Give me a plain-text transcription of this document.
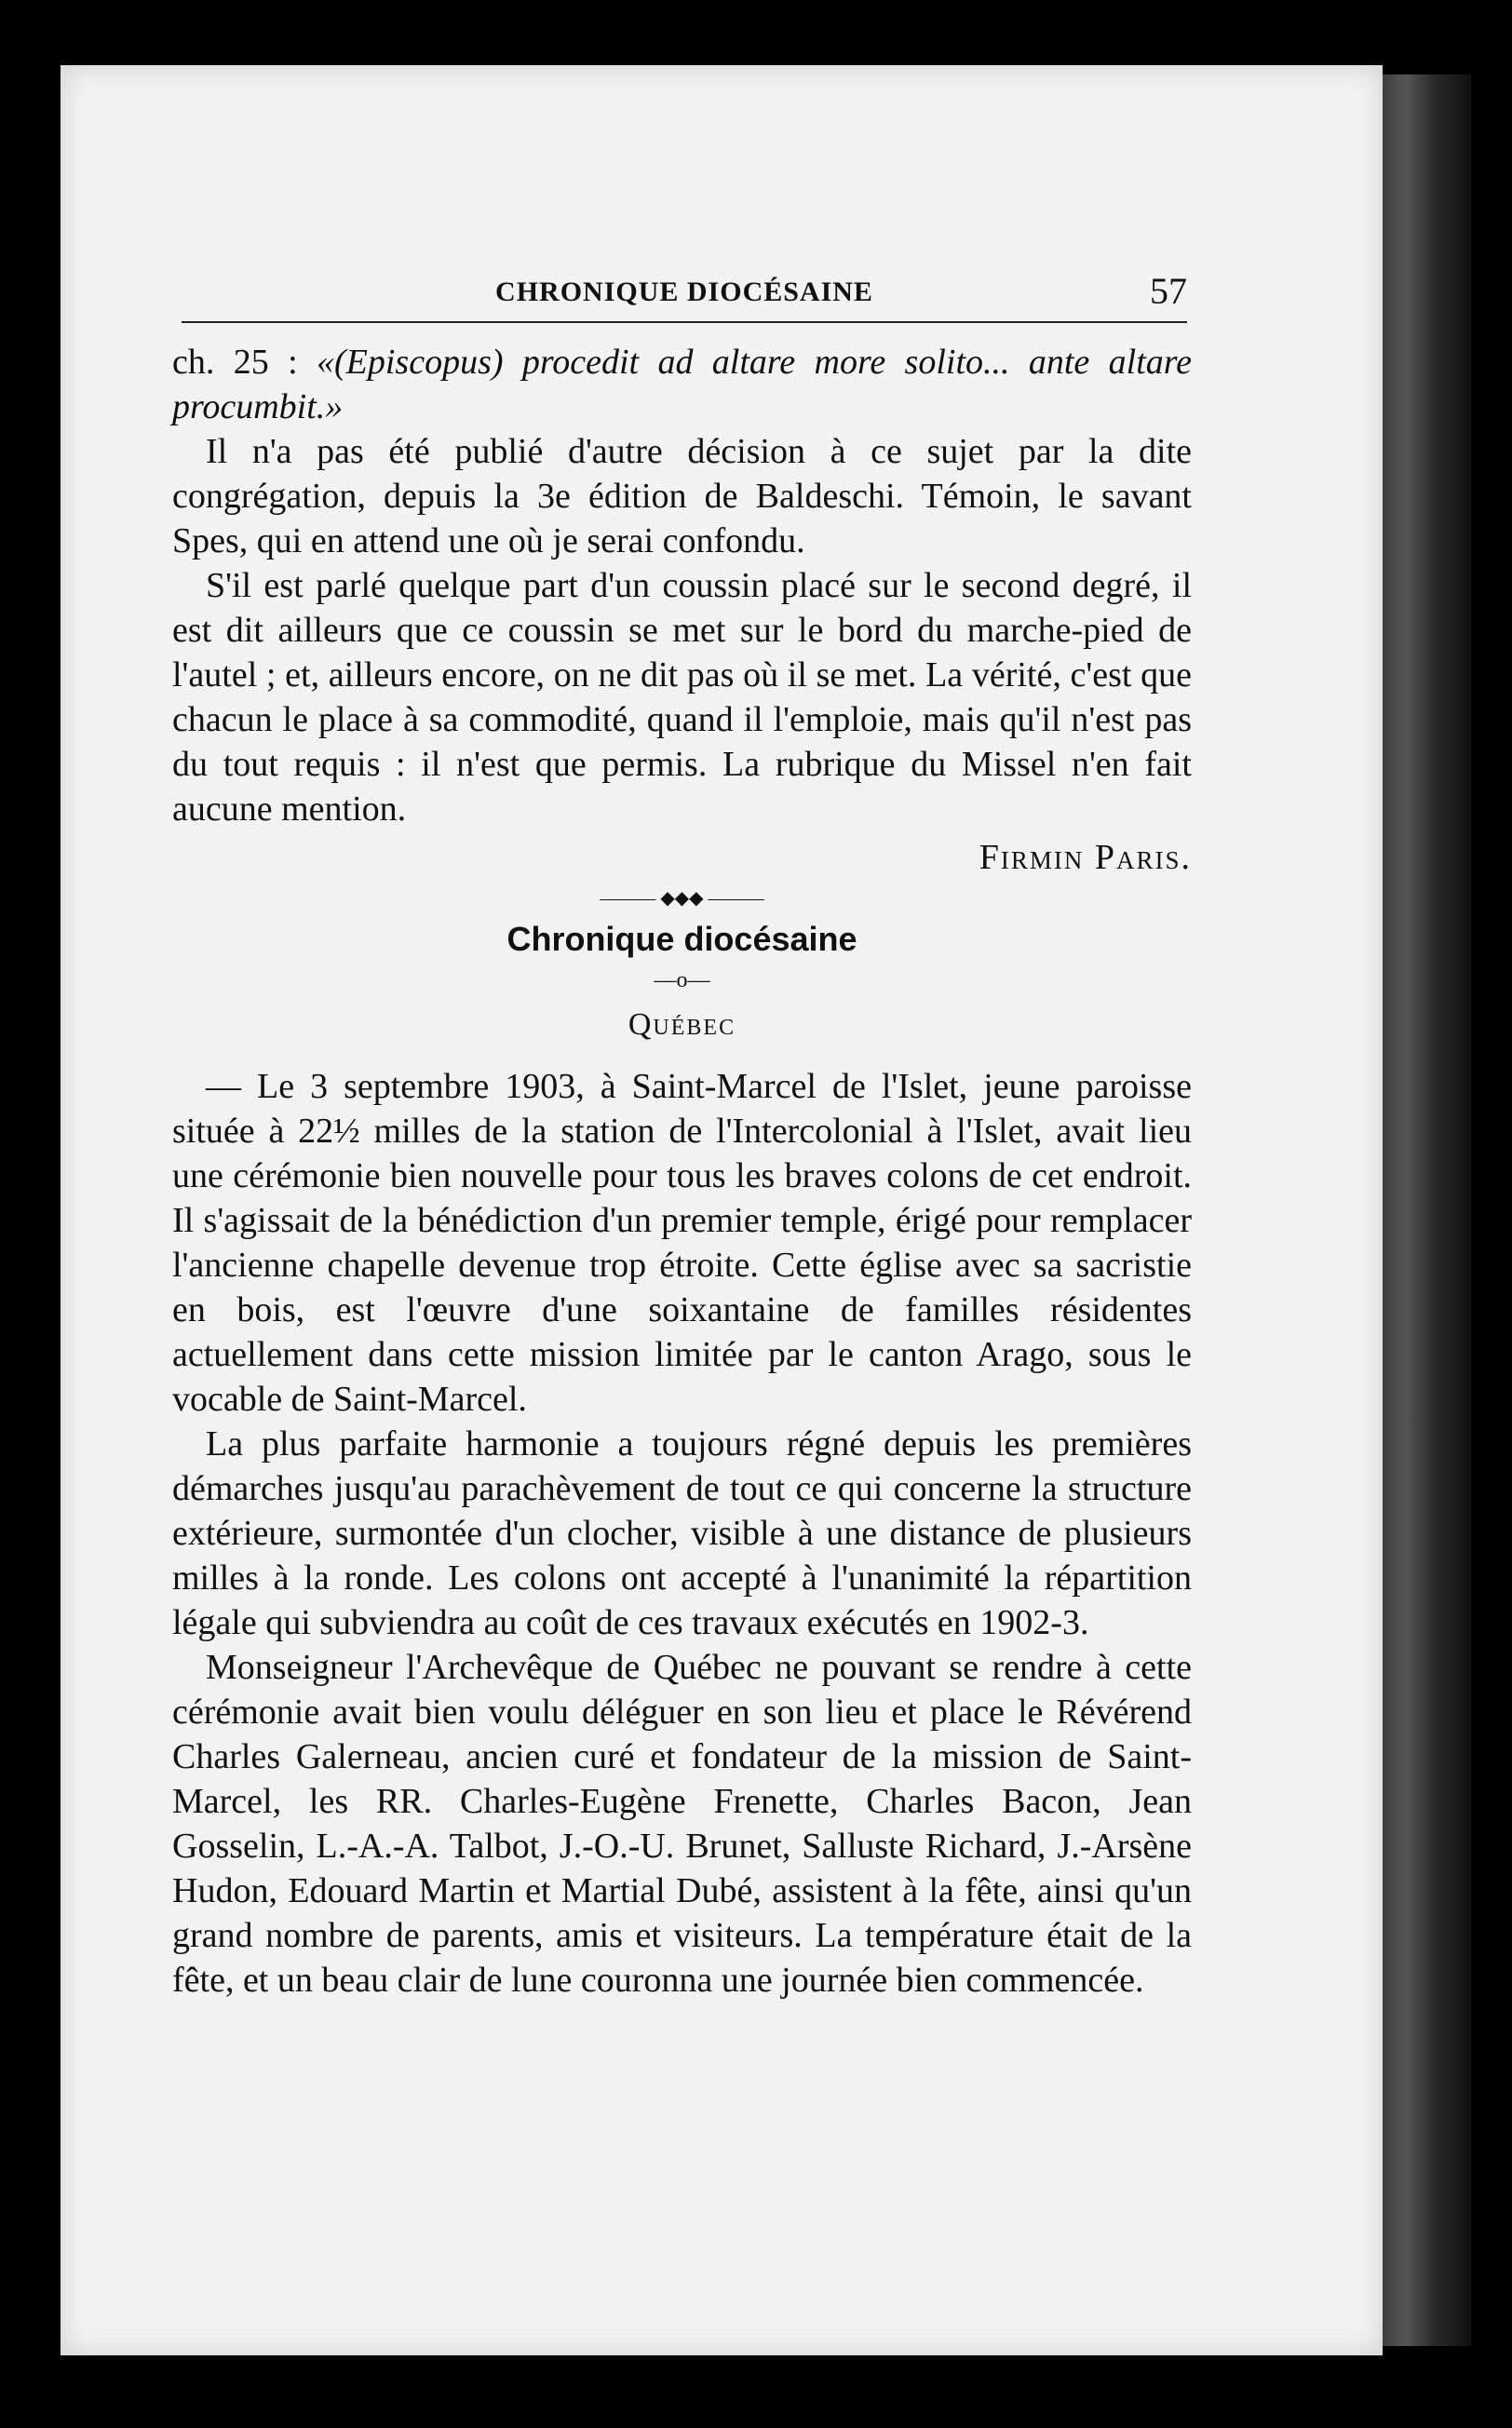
CHRONIQUE DIOCÉSAINE	57

ch. 25 : «(Episcopus) procedit ad altare more solito... ante altare procumbit.»

Il n'a pas été publié d'autre décision à ce sujet par la dite congrégation, depuis la 3e édition de Baldeschi. Témoin, le savant Spes, qui en attend une où je serai confondu.

S'il est parlé quelque part d'un coussin placé sur le second degré, il est dit ailleurs que ce coussin se met sur le bord du marche-pied de l'autel ; et, ailleurs encore, on ne dit pas où il se met. La vérité, c'est que chacun le place à sa commodité, quand il l'emploie, mais qu'il n'est pas du tout requis : il n'est que permis. La rubrique du Missel n'en fait aucune mention.

Firmin Paris.

——— ◆◆◆ ———

Chronique diocésaine

—o—

Québec

— Le 3 septembre 1903, à Saint-Marcel de l'Islet, jeune paroisse située à 22½ milles de la station de l'Intercolonial à l'Islet, avait lieu une cérémonie bien nouvelle pour tous les braves colons de cet endroit. Il s'agissait de la bénédiction d'un premier temple, érigé pour remplacer l'ancienne chapelle devenue trop étroite. Cette église avec sa sacristie en bois, est l'œuvre d'une soixantaine de familles résidentes actuellement dans cette mission limitée par le canton Arago, sous le vocable de Saint-Marcel.

La plus parfaite harmonie a toujours régné depuis les premières démarches jusqu'au parachèvement de tout ce qui concerne la structure extérieure, surmontée d'un clocher, visible à une distance de plusieurs milles à la ronde. Les colons ont accepté à l'unanimité la répartition légale qui subviendra au coût de ces travaux exécutés en 1902-3.

Monseigneur l'Archevêque de Québec ne pouvant se rendre à cette cérémonie avait bien voulu déléguer en son lieu et place le Révérend Charles Galerneau, ancien curé et fondateur de la mission de Saint-Marcel, les RR. Charles-Eugène Frenette, Charles Bacon, Jean Gosselin, L.-A.-A. Talbot, J.-O.-U. Brunet, Salluste Richard, J.-Arsène Hudon, Edouard Martin et Martial Dubé, assistent à la fête, ainsi qu'un grand nombre de parents, amis et visiteurs. La température était de la fête, et un beau clair de lune couronna une journée bien commencée.
